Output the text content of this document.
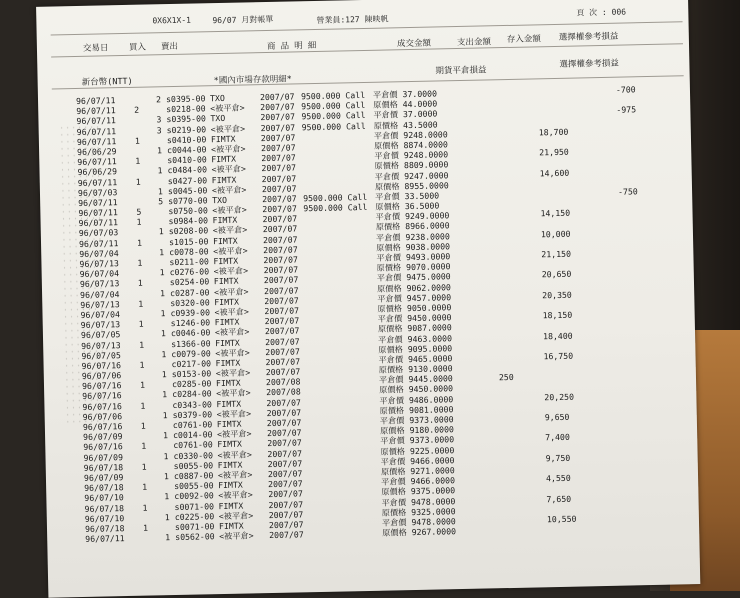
0X6X1X-1	96/07 月對帳單	營業員:127 陳映帆
頁 次 : 006
交易日 買入 賣出	商 品 明 細	成交金額	支出金額 存入金額 選擇權參考損益
新台幣(NTT)	*國內市場存款明細*
期貨平倉損益
選擇權參考損益
96/07/11	2 s0395-00 TXO	2007/07 9500.000 Call 平倉價 37.0000	-700
96/07/11 2	s0218-00 <被平倉> 2007/07 9500.000 Call 原價格 44.0000
96/07/11	3 s0395-00 TXO	2007/07 9500.000 Call 平倉價 37.0000	-975
96/07/11	3 s0219-00 <被平倉> 2007/07 9500.000 Call 原價格 43.5000
96/07/11 1	s0410-00 FIMTX	2007/07	平倉價 9248.0000	18,700
96/06/29	1 c0044-00 <被平倉> 2007/07	原價格 8874.0000
96/07/11 1	s0410-00 FIMTX	2007/07	平倉價 9248.0000	21,950
96/06/29	1 c0484-00 <被平倉> 2007/07	原價格 8809.0000
96/07/11 1	s0427-00 FIMTX	2007/07	平倉價 9247.0000	14,600
96/07/03	1 s0045-00 <被平倉> 2007/07	原價格 8955.0000
96/07/11	5 s0770-00 TXO	2007/07 9500.000 Call 平倉價 33.5000	-750
96/07/11 5	s0750-00 <被平倉> 2007/07 9500.000 Call 原價格 36.5000
96/07/11 1	s0984-00 FIMTX	2007/07	平倉價 9249.0000	14,150
96/07/03	1 s0208-00 <被平倉> 2007/07	原價格 8966.0000
96/07/11 1	s1015-00 FIMTX	2007/07	平倉價 9238.0000	10,000
96/07/04	1 c0078-00 <被平倉> 2007/07	原價格 9038.0000
96/07/13 1	s0211-00 FIMTX	2007/07	平倉價 9493.0000	21,150
96/07/04	1 c0276-00 <被平倉> 2007/07	原價格 9070.0000
96/07/13 1	s0254-00 FIMTX	2007/07	平倉價 9475.0000	20,650
96/07/04	1 c0287-00 <被平倉> 2007/07	原價格 9062.0000
96/07/13 1	s0320-00 FIMTX	2007/07	平倉價 9457.0000	20,350
96/07/04	1 c0939-00 <被平倉> 2007/07	原價格 9050.0000
96/07/13 1	s1246-00 FIMTX	2007/07	平倉價 9450.0000	18,150
96/07/05	1 c0046-00 <被平倉> 2007/07	原價格 9087.0000
96/07/13 1	s1366-00 FIMTX	2007/07	平倉價 9463.0000	18,400
96/07/05	1 c0079-00 <被平倉> 2007/07	原價格 9095.0000
96/07/16 1	c0217-00 FIMTX	2007/07	平倉價 9465.0000	16,750
96/07/06	1 s0153-00 <被平倉> 2007/07	原價格 9130.0000
96/07/16 1	c0285-00 FIMTX	2007/08	平倉價 9445.0000	250
96/07/16	1 c0284-00 <被平倉> 2007/08	原價格 9450.0000
96/07/16 1	c0343-00 FIMTX	2007/07	平倉價 9486.0000	20,250
96/07/06	1 s0379-00 <被平倉> 2007/07	原價格 9081.0000
96/07/16 1	c0761-00 FIMTX	2007/07	平倉價 9373.0000	9,650
96/07/09	1 c0014-00 <被平倉> 2007/07	原價格 9180.0000
96/07/16 1	c0761-00 FIMTX	2007/07	平倉價 9373.0000	7,400
96/07/09	1 c0330-00 <被平倉> 2007/07	原價格 9225.0000
96/07/18 1	s0055-00 FIMTX	2007/07	平倉價 9466.0000	9,750
96/07/09	1 c0887-00 <被平倉> 2007/07	原價格 9271.0000
96/07/18 1	s0055-00 FIMTX	2007/07	平倉價 9466.0000	4,550
96/07/10	1 c0092-00 <被平倉> 2007/07	原價格 9375.0000
96/07/18 1	s0071-00 FIMTX	2007/07	平倉價 9478.0000	7,650
96/07/10	1 c0225-00 <被平倉> 2007/07	原價格 9325.0000
96/07/18 1	s0071-00 FIMTX	2007/07	平倉價 9478.0000	10,550
96/07/11	1 s0562-00 <被平倉> 2007/07	原價格 9267.0000
